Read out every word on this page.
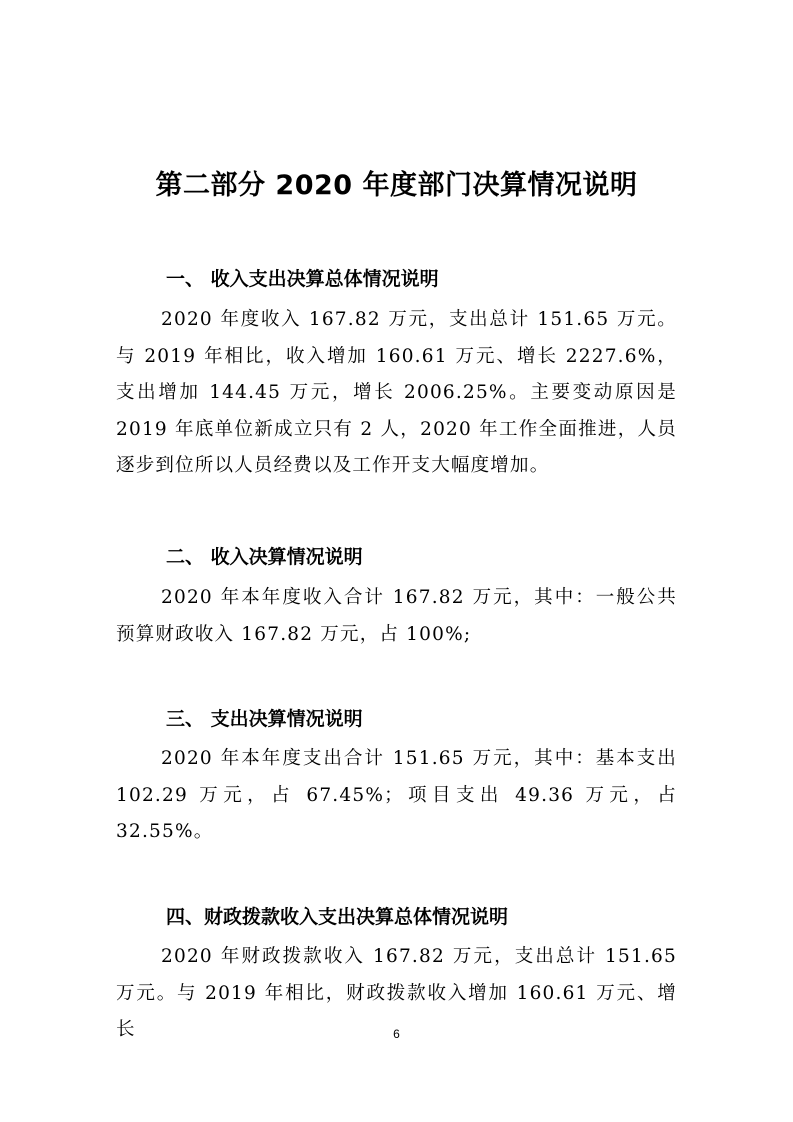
第二部分 2020 年度部门决算情况说明
一、 收入支出决算总体情况说明

2020 年度收入 167.82 万元，支出总计 151.65 万元。与 2019 年相比，收入增加 160.61 万元、增长 2227.6%，支出增加 144.45 万元，增长 2006.25%。主要变动原因是 2019 年底单位新成立只有 2 人，2020 年工作全面推进，人员逐步到位所以人员经费以及工作开支大幅度增加。

二、 收入决算情况说明

2020 年本年度收入合计 167.82 万元，其中：一般公共预算财政收入 167.82 万元，占 100%;

三、 支出决算情况说明

2020 年本年度支出合计 151.65 万元，其中：基本支出 102.29 万元，占 67.45%；项目支出 49.36 万元，占 32.55%。

四、财政拨款收入支出决算总体情况说明

2020 年财政拨款收入 167.82 万元，支出总计 151.65 万元。与 2019 年相比，财政拨款收入增加 160.61 万元、增长	6
